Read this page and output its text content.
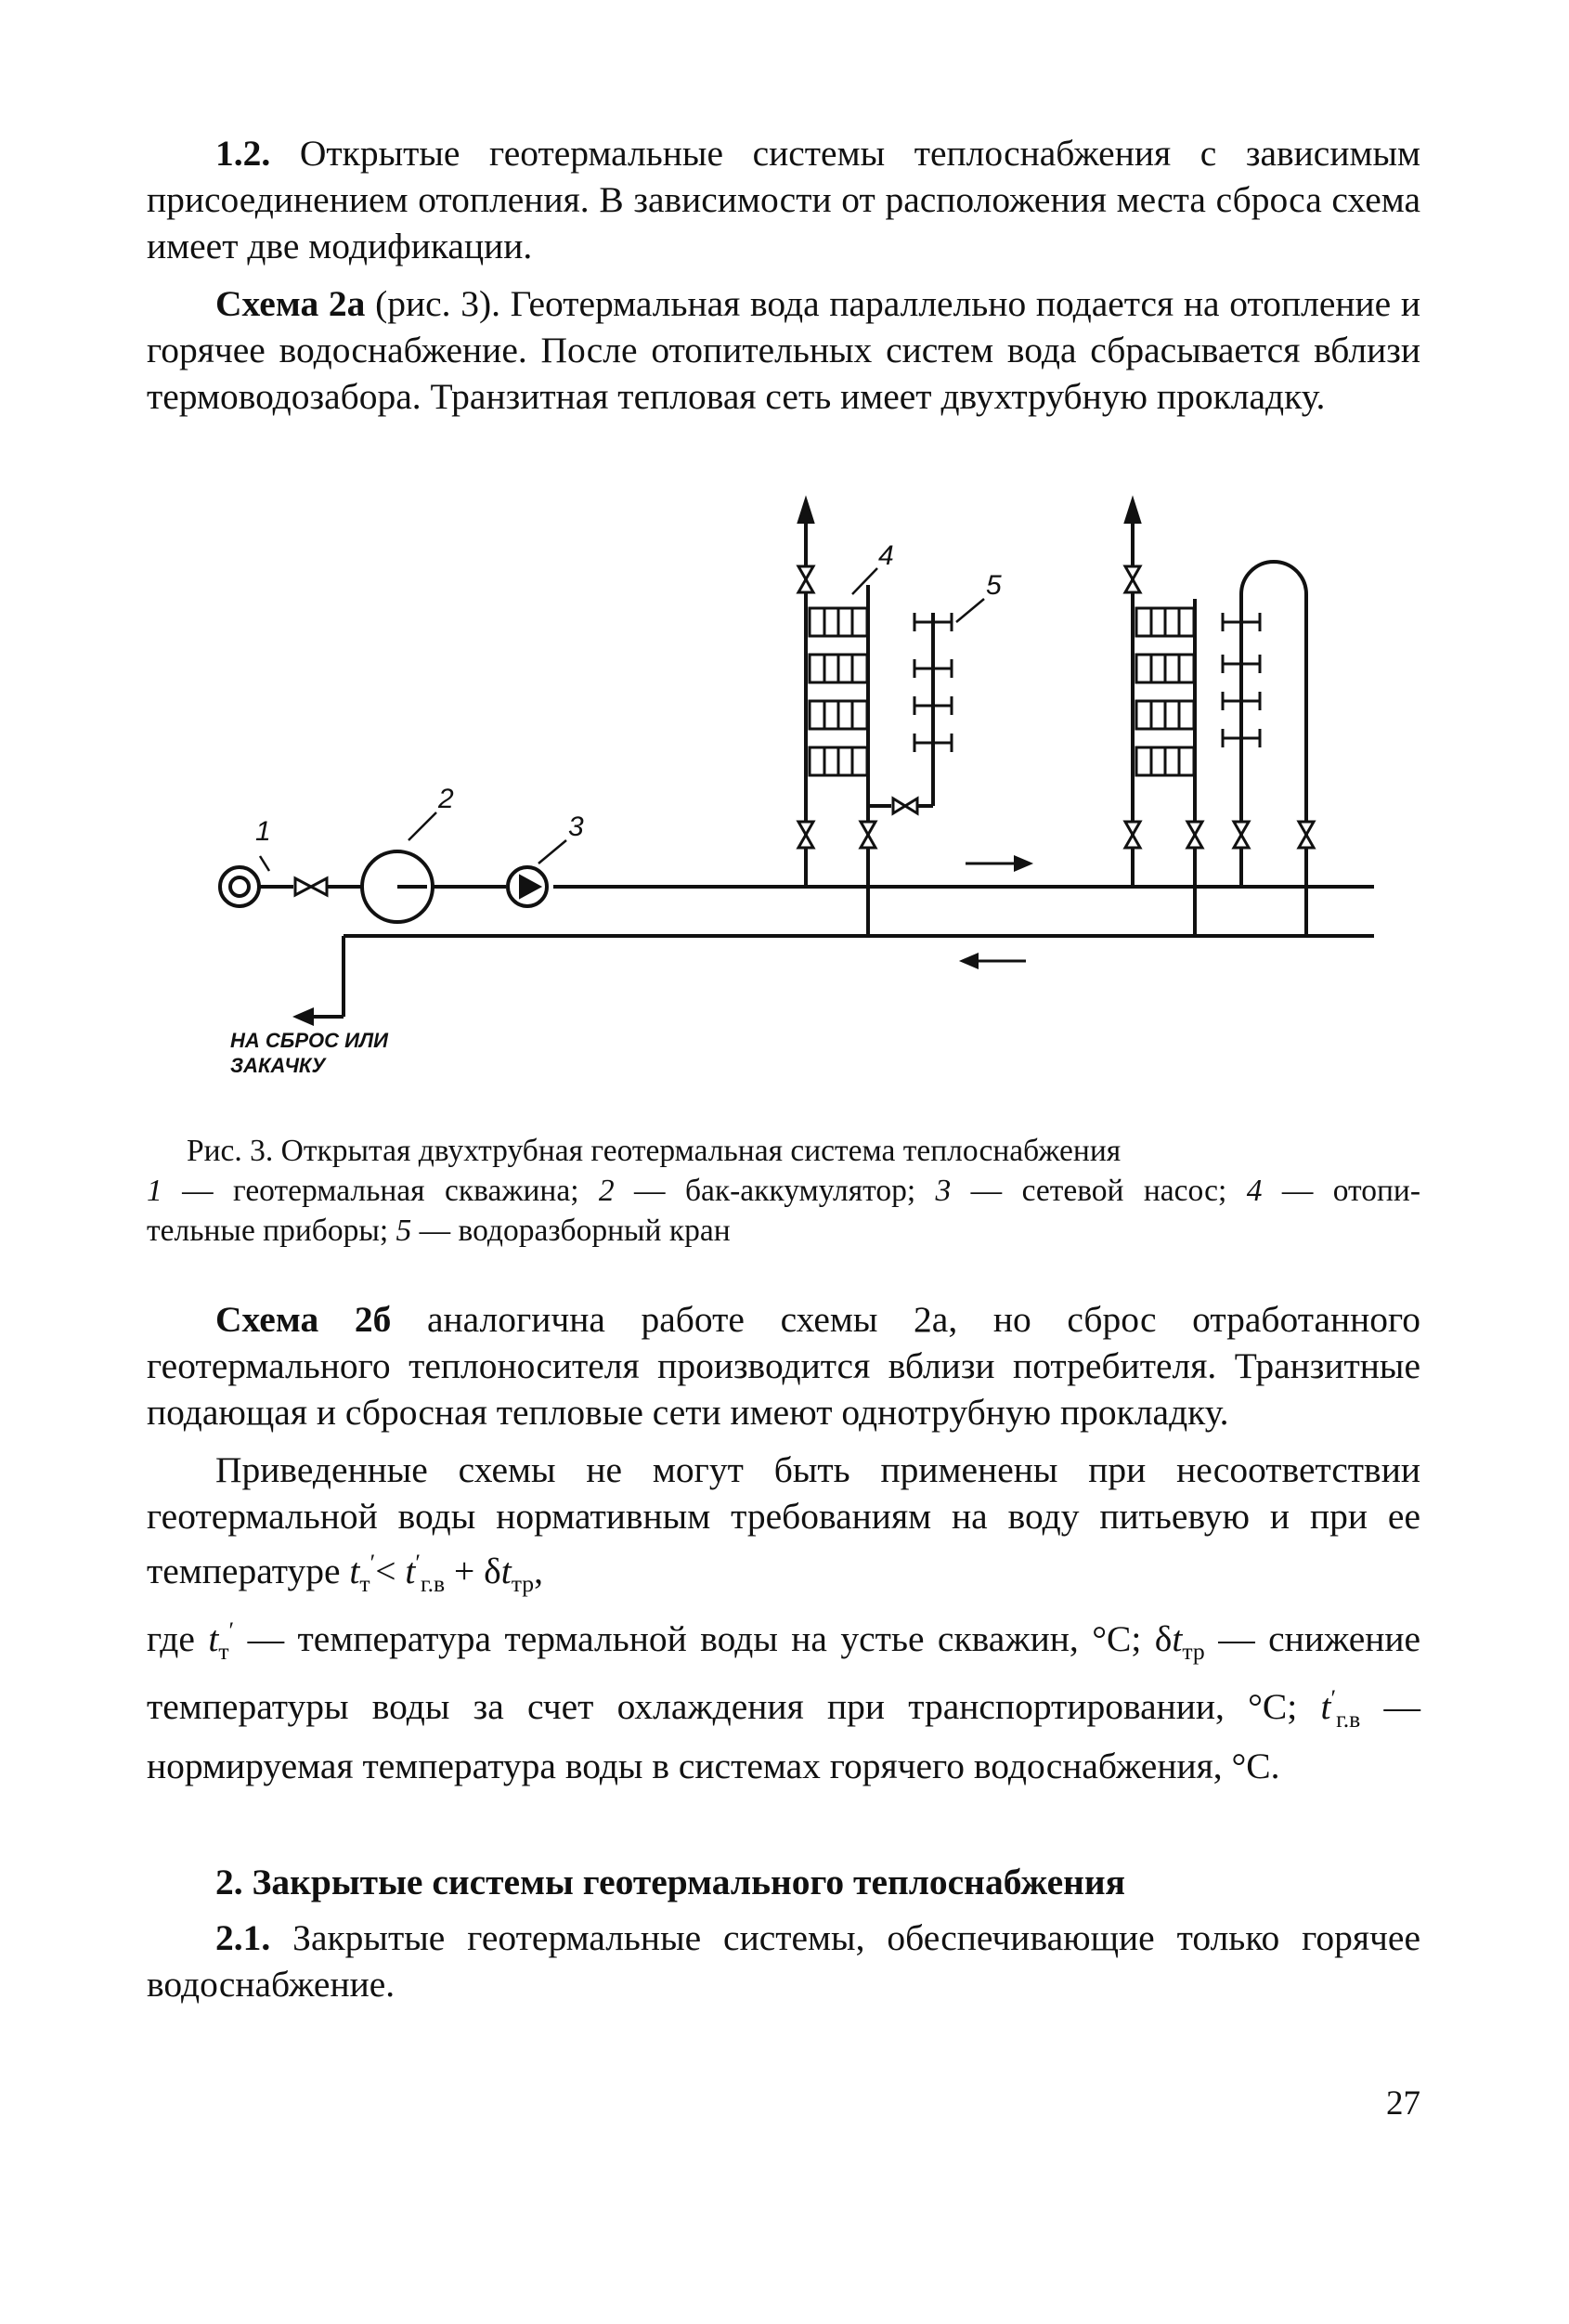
1.2. Открытые геотермальные системы теплоснабжения с зависимым присоединением отопления. В зависимости от расположения места сброса схема имеет две модификации.

Схема 2а (рис. 3). Геотермальная вода параллельно подается на отопление и горячее водоснабжение. После отопительных систем вода сбрасывается вблизи термоводозабора. Транзитная тепловая сеть имеет двухтрубную прокладку.

1
2
3
4
5
НА СБРОС ИЛИ
ЗАКАЧКУ
Рис. 3. Открытая двухтрубная геотермальная система теплоснабжения
1 — геотермальная скважина; 2 — бак-аккумулятор; 3 — сетевой насос; 4 — отопи-
тельные приборы; 5 — водоразборный кран

Схема 2б аналогична работе схемы 2а, но сброс отработанного геотермального теплоносителя производится вблизи потребителя. Транзитные подающая и сбросная тепловые сети имеют однотрубную прокладку.

Приведенные схемы не могут быть применены при несоответствии геотермальной воды нормативным требованиям на воду питьевую и при ее температуре $t_т'< t'_{г.в} + \delta t_{тр}$,

где $t_т'$ — температура термальной воды на устье скважин, °С; $\delta t_{тр}$ — снижение температуры воды за счет охлаждения при транспортировании, °С; $t'_{г.в}$ — нормируемая температура воды в системах горячего водоснабжения, °С.

2. Закрытые системы геотермального теплоснабжения

2.1. Закрытые геотермальные системы, обеспечивающие только горячее водоснабжение.

27
